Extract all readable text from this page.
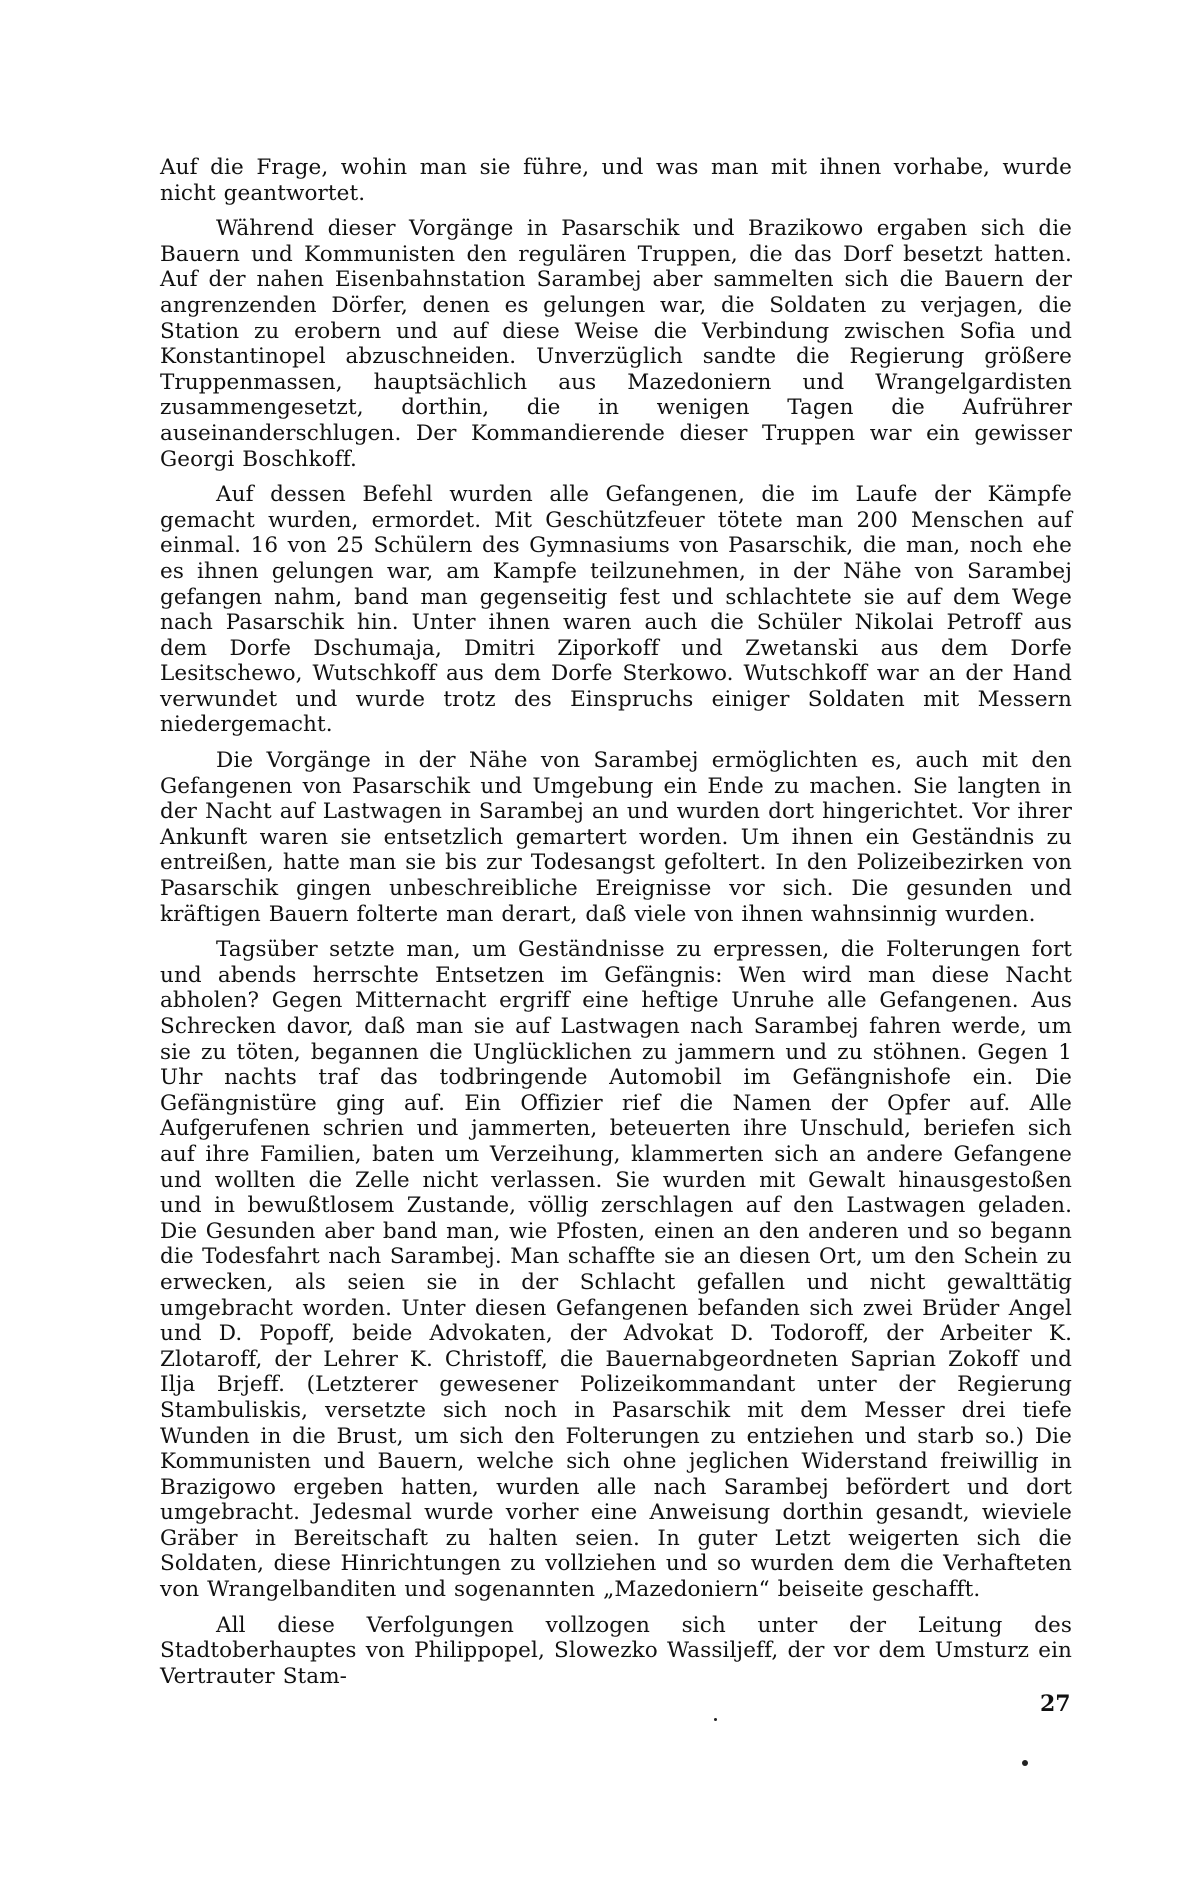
Auf die Frage, wohin man sie führe, und was man mit ihnen vorhabe, wurde nicht geantwortet.

Während dieser Vorgänge in Pasarschik und Brazikowo ergaben sich die Bauern und Kommunisten den regulären Truppen, die das Dorf besetzt hatten. Auf der nahen Eisenbahnstation Sarambej aber sammelten sich die Bauern der angrenzenden Dörfer, denen es gelungen war, die Soldaten zu verjagen, die Station zu erobern und auf diese Weise die Verbindung zwischen Sofia und Konstantinopel abzuschneiden. Unverzüglich sandte die Regierung größere Truppenmassen, hauptsächlich aus Mazedoniern und Wrangelgardisten zusammengesetzt, dorthin, die in wenigen Tagen die Aufrührer auseinanderschlugen. Der Kommandierende dieser Truppen war ein gewisser Georgi Boschkoff.

Auf dessen Befehl wurden alle Gefangenen, die im Laufe der Kämpfe gemacht wurden, ermordet. Mit Geschützfeuer tötete man 200 Menschen auf einmal. 16 von 25 Schülern des Gymnasiums von Pasarschik, die man, noch ehe es ihnen gelungen war, am Kampfe teilzunehmen, in der Nähe von Sarambej gefangen nahm, band man gegenseitig fest und schlachtete sie auf dem Wege nach Pasarschik hin. Unter ihnen waren auch die Schüler Nikolai Petroff aus dem Dorfe Dschumaja, Dmitri Ziporkoff und Zwetanski aus dem Dorfe Lesitschewo, Wutschkoff aus dem Dorfe Sterkowo. Wutschkoff war an der Hand verwundet und wurde trotz des Einspruchs einiger Soldaten mit Messern niedergemacht.

Die Vorgänge in der Nähe von Sarambej ermöglichten es, auch mit den Gefangenen von Pasarschik und Umgebung ein Ende zu machen. Sie langten in der Nacht auf Lastwagen in Sarambej an und wurden dort hingerichtet. Vor ihrer Ankunft waren sie entsetzlich gemartert worden. Um ihnen ein Geständnis zu entreißen, hatte man sie bis zur Todesangst gefoltert. In den Polizeibezirken von Pasarschik gingen unbeschreibliche Ereignisse vor sich. Die gesunden und kräftigen Bauern folterte man derart, daß viele von ihnen wahnsinnig wurden.

Tagsüber setzte man, um Geständnisse zu erpressen, die Folterungen fort und abends herrschte Entsetzen im Gefängnis: Wen wird man diese Nacht abholen? Gegen Mitternacht ergriff eine heftige Unruhe alle Gefangenen. Aus Schrecken davor, daß man sie auf Lastwagen nach Sarambej fahren werde, um sie zu töten, begannen die Unglücklichen zu jammern und zu stöhnen. Gegen 1 Uhr nachts traf das todbringende Automobil im Gefängnishofe ein. Die Gefängnistüre ging auf. Ein Offizier rief die Namen der Opfer auf. Alle Aufgerufenen schrien und jammerten, beteuerten ihre Unschuld, beriefen sich auf ihre Familien, baten um Verzeihung, klammerten sich an andere Gefangene und wollten die Zelle nicht verlassen. Sie wurden mit Gewalt hinausgestoßen und in bewußtlosem Zustande, völlig zerschlagen auf den Lastwagen geladen. Die Gesunden aber band man, wie Pfosten, einen an den anderen und so begann die Todesfahrt nach Sarambej. Man schaffte sie an diesen Ort, um den Schein zu erwecken, als seien sie in der Schlacht gefallen und nicht gewalttätig umgebracht worden. Unter diesen Gefangenen befanden sich zwei Brüder Angel und D. Popoff, beide Advokaten, der Advokat D. Todoroff, der Arbeiter K. Zlotaroff, der Lehrer K. Christoff, die Bauernabgeordneten Saprian Zokoff und Ilja Brjeff. (Letzterer gewesener Polizeikommandant unter der Regierung Stambuliskis, versetzte sich noch in Pasarschik mit dem Messer drei tiefe Wunden in die Brust, um sich den Folterungen zu entziehen und starb so.) Die Kommunisten und Bauern, welche sich ohne jeglichen Widerstand freiwillig in Brazigowo ergeben hatten, wurden alle nach Sarambej befördert und dort umgebracht. Jedesmal wurde vorher eine Anweisung dorthin gesandt, wieviele Gräber in Bereitschaft zu halten seien. In guter Letzt weigerten sich die Soldaten, diese Hinrichtungen zu vollziehen und so wurden dem die Verhafteten von Wrangelbanditen und sogenannten „Mazedoniern“ beiseite geschafft.

All diese Verfolgungen vollzogen sich unter der Leitung des Stadtoberhauptes von Philippopel, Slowezko Wassiljeff, der vor dem Umsturz ein Vertrauter Stam-

27
